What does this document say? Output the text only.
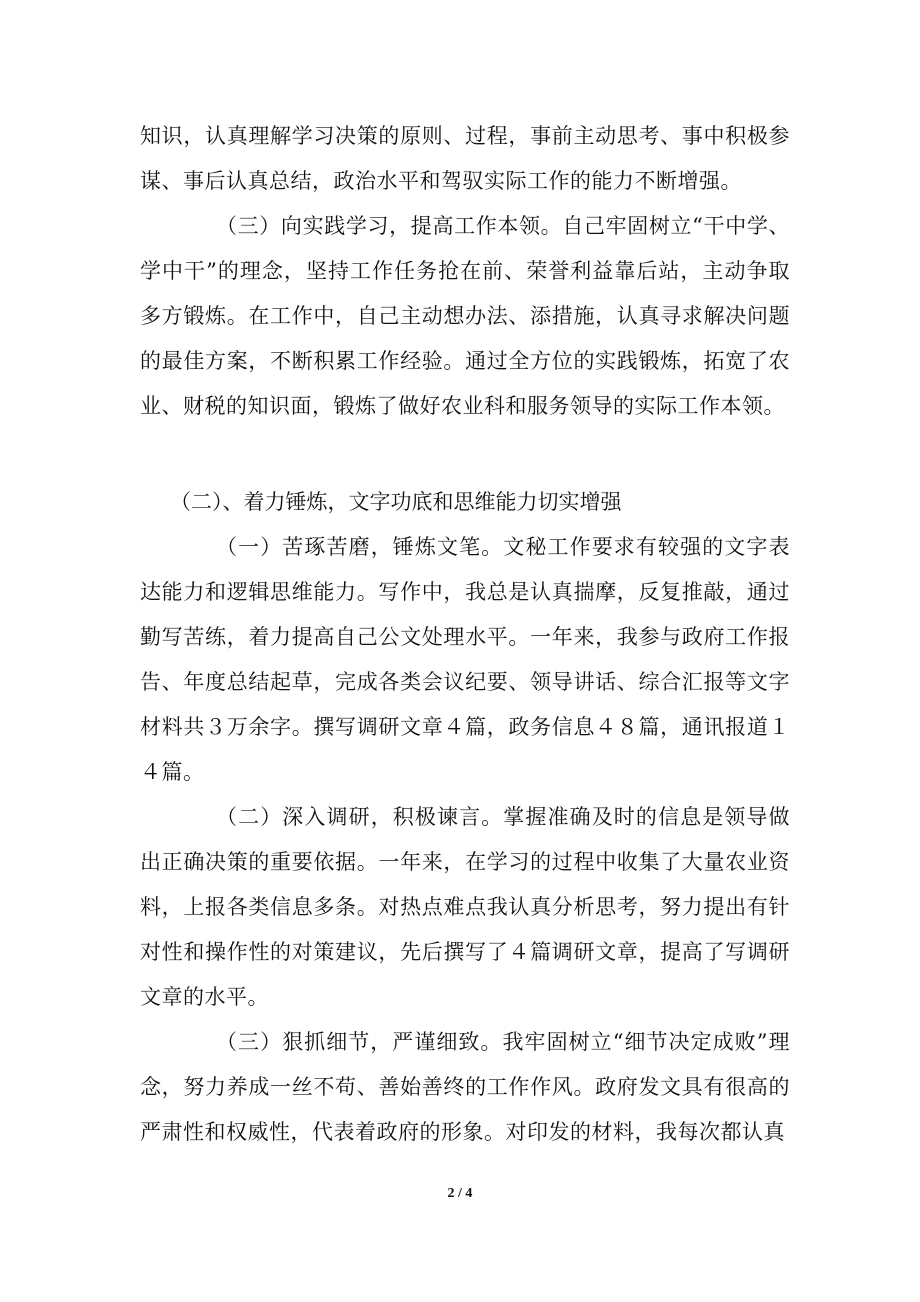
知识，认真理解学习决策的原则、过程，事前主动思考、事中积极参谋、事后认真总结，政治水平和驾驭实际工作的能力不断增强。

（三）向实践学习，提高工作本领。自己牢固树立“干中学、学中干”的理念，坚持工作任务抢在前、荣誉利益靠后站，主动争取多方锻炼。在工作中，自己主动想办法、添措施，认真寻求解决问题的最佳方案，不断积累工作经验。通过全方位的实践锻炼，拓宽了农业、财税的知识面，锻炼了做好农业科和服务领导的实际工作本领。

（二）、着力锤炼，文字功底和思维能力切实增强

（一）苦琢苦磨，锤炼文笔。文秘工作要求有较强的文字表达能力和逻辑思维能力。写作中，我总是认真揣摩，反复推敲，通过勤写苦练，着力提高自己公文处理水平。一年来，我参与政府工作报告、年度总结起草，完成各类会议纪要、领导讲话、综合汇报等文字材料共３万余字。撰写调研文章４篇，政务信息４８篇，通讯报道１４篇。

（二）深入调研，积极谏言。掌握准确及时的信息是领导做出正确决策的重要依据。一年来，在学习的过程中收集了大量农业资料，上报各类信息多条。对热点难点我认真分析思考，努力提出有针对性和操作性的对策建议，先后撰写了４篇调研文章，提高了写调研文章的水平。

（三）狠抓细节，严谨细致。我牢固树立“细节决定成败”理念，努力养成一丝不苟、善始善终的工作作风。政府发文具有很高的严肃性和权威性，代表着政府的形象。对印发的材料，我每次都认真

2 / 4
